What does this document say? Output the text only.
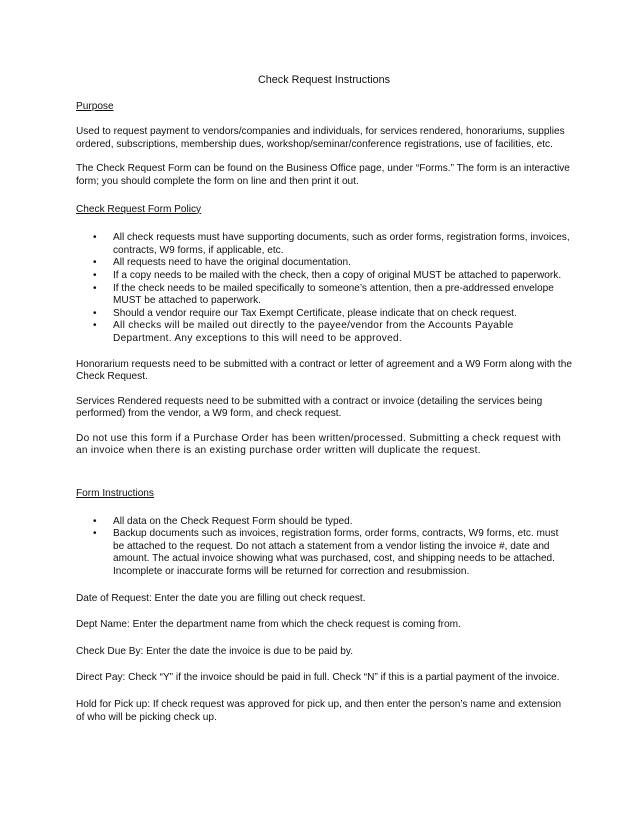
Check Request Instructions
Purpose
Used to request payment to vendors/companies and individuals, for services rendered, honorariums, supplies ordered, subscriptions, membership dues, workshop/seminar/conference registrations, use of facilities, etc.
The Check Request Form can be found on the Business Office page, under “Forms.” The form is an interactive form; you should complete the form on line and then print it out.
Check Request Form Policy
• All check requests must have supporting documents, such as order forms, registration forms, invoices, contracts, W9 forms, if applicable, etc.
• All requests need to have the original documentation.
• If a copy needs to be mailed with the check, then a copy of original MUST be attached to paperwork.
• If the check needs to be mailed specifically to someone’s attention, then a pre-addressed envelope MUST be attached to paperwork.
• Should a vendor require our Tax Exempt Certificate, please indicate that on check request.
• All checks will be mailed out directly to the payee/vendor from the Accounts Payable Department. Any exceptions to this will need to be approved.
Honorarium requests need to be submitted with a contract or letter of agreement and a W9 Form along with the Check Request.
Services Rendered requests need to be submitted with a contract or invoice (detailing the services being performed) from the vendor, a W9 form, and check request.
Do not use this form if a Purchase Order has been written/processed. Submitting a check request with an invoice when there is an existing purchase order written will duplicate the request.
Form Instructions
• All data on the Check Request Form should be typed.
• Backup documents such as invoices, registration forms, order forms, contracts, W9 forms, etc. must be attached to the request. Do not attach a statement from a vendor listing the invoice #, date and amount. The actual invoice showing what was purchased, cost, and shipping needs to be attached. Incomplete or inaccurate forms will be returned for correction and resubmission.
Date of Request: Enter the date you are filling out check request.
Dept Name: Enter the department name from which the check request is coming from.
Check Due By: Enter the date the invoice is due to be paid by.
Direct Pay: Check “Y” if the invoice should be paid in full. Check “N” if this is a partial payment of the invoice.
Hold for Pick up: If check request was approved for pick up, and then enter the person’s name and extension of who will be picking check up.
